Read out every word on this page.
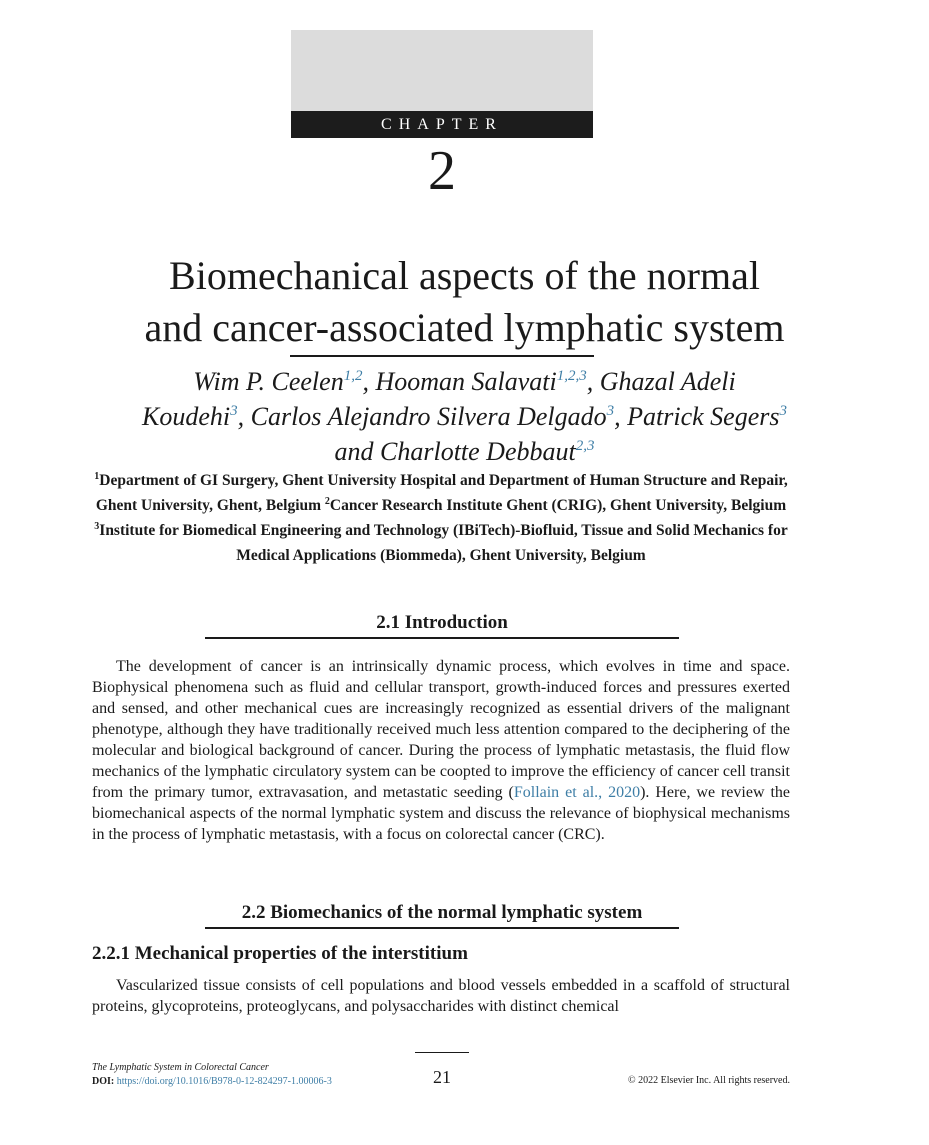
CHAPTER
2
Biomechanical aspects of the normal
and cancer-associated lymphatic system
Wim P. Ceelen$^{1,2}$, Hooman Salavati$^{1,2,3}$, Ghazal Adeli
Koudehi$^3$, Carlos Alejandro Silvera Delgado$^3$, Patrick Segers$^3$
and Charlotte Debbaut$^{2,3}$
$^1$Department of GI Surgery, Ghent University Hospital and Department of Human Structure and Repair, Ghent University, Ghent, Belgium $^2$Cancer Research Institute Ghent (CRIG), Ghent University, Belgium $^3$Institute for Biomedical Engineering and Technology (IBiTech)-Biofluid, Tissue and Solid Mechanics for Medical Applications (Biommeda), Ghent University, Belgium
2.1 Introduction

The development of cancer is an intrinsically dynamic process, which evolves in time and space. Biophysical phenomena such as fluid and cellular transport, growth-induced forces and pressures exerted and sensed, and other mechanical cues are increasingly recognized as essential drivers of the malignant phenotype, although they have traditionally received much less attention compared to the deciphering of the molecular and biological background of cancer. During the process of lymphatic metastasis, the fluid flow mechanics of the lymphatic circulatory system can be coopted to improve the efficiency of cancer cell transit from the primary tumor, extravasation, and metastatic seeding (Follain et al., 2020). Here, we review the biomechanical aspects of the normal lymphatic system and discuss the relevance of biophysical mechanisms in the process of lymphatic metastasis, with a focus on colorectal cancer (CRC).

2.2 Biomechanics of the normal lymphatic system
2.2.1 Mechanical properties of the interstitium

Vascularized tissue consists of cell populations and blood vessels embedded in a scaffold of structural proteins, glycoproteins, proteoglycans, and polysaccharides with distinct chemical

The Lymphatic System in Colorectal Cancer
DOI: https://doi.org/10.1016/B978-0-12-824297-1.00006-3	21	© 2022 Elsevier Inc. All rights reserved.
